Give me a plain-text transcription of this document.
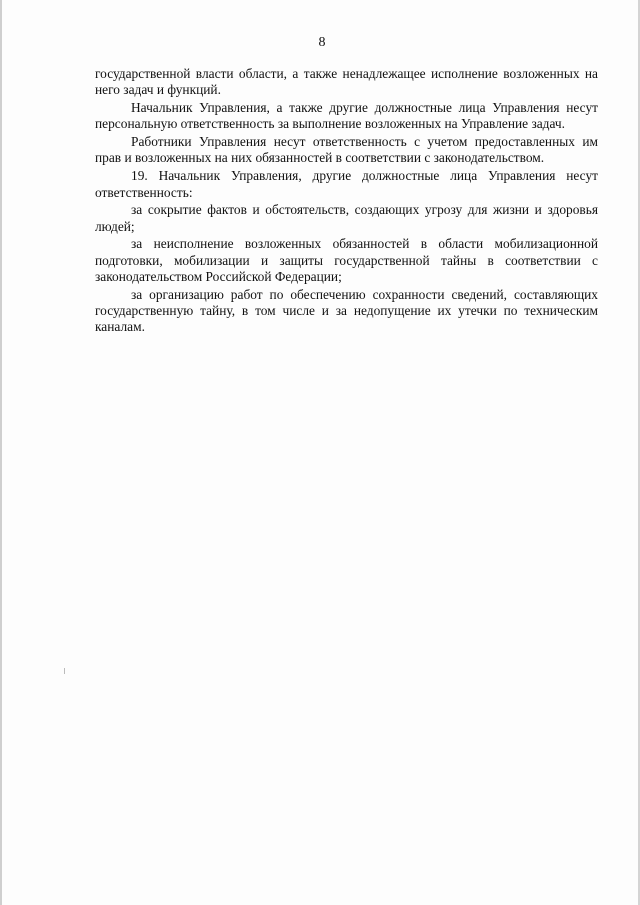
8

государственной власти области, а также ненадлежащее исполнение возложенных на него задач и функций.

Начальник Управления, а также другие должностные лица Управления несут персональную ответственность за выполнение возложенных на Управление задач.

Работники Управления несут ответственность с учетом предоставленных им прав и возложенных на них обязанностей в соответствии с законодательством.

19. Начальник Управления, другие должностные лица Управления несут ответственность:

за сокрытие фактов и обстоятельств, создающих угрозу для жизни и здоровья людей;

за неисполнение возложенных обязанностей в области мобилизационной подготовки, мобилизации и защиты государственной тайны в соответствии с законодательством Российской Федерации;

за организацию работ по обеспечению сохранности сведений, составляющих государственную тайну, в том числе и за недопущение их утечки по техническим каналам.
